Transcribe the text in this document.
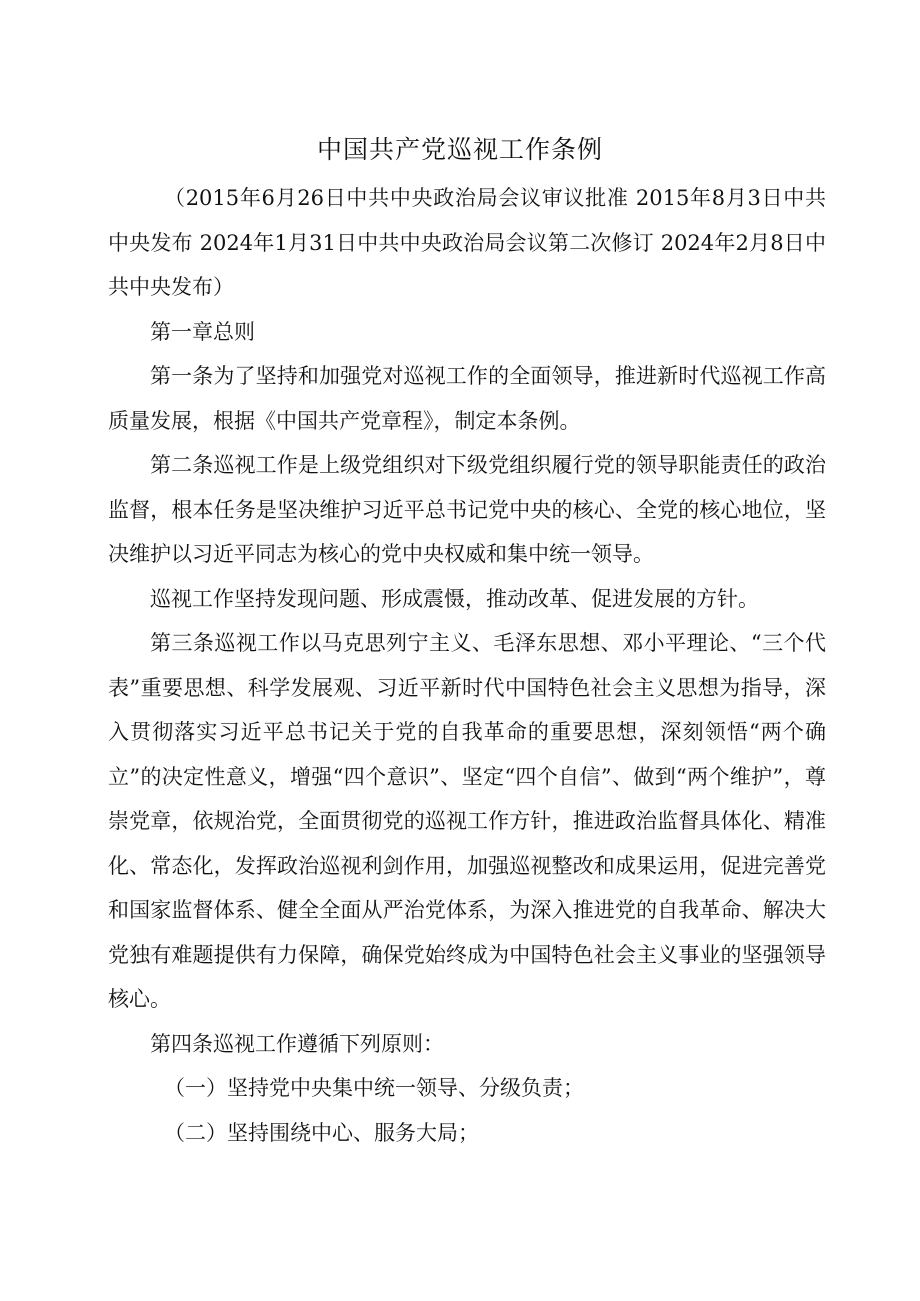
中国共产党巡视工作条例

（2015年6月26日中共中央政治局会议审议批准 2015年8月3日中共中央发布 2024年1月31日中共中央政治局会议第二次修订 2024年2月8日中共中央发布）

第一章总则

第一条为了坚持和加强党对巡视工作的全面领导，推进新时代巡视工作高质量发展，根据《中国共产党章程》，制定本条例。

第二条巡视工作是上级党组织对下级党组织履行党的领导职能责任的政治监督，根本任务是坚决维护习近平总书记党中央的核心、全党的核心地位，坚决维护以习近平同志为核心的党中央权威和集中统一领导。

巡视工作坚持发现问题、形成震慑，推动改革、促进发展的方针。

第三条巡视工作以马克思列宁主义、毛泽东思想、邓小平理论、“三个代表”重要思想、科学发展观、习近平新时代中国特色社会主义思想为指导，深入贯彻落实习近平总书记关于党的自我革命的重要思想，深刻领悟“两个确立”的决定性意义，增强“四个意识”、坚定“四个自信”、做到“两个维护”，尊崇党章，依规治党，全面贯彻党的巡视工作方针，推进政治监督具体化、精准化、常态化，发挥政治巡视利剑作用，加强巡视整改和成果运用，促进完善党和国家监督体系、健全全面从严治党体系，为深入推进党的自我革命、解决大党独有难题提供有力保障，确保党始终成为中国特色社会主义事业的坚强领导核心。

第四条巡视工作遵循下列原则：

（一）坚持党中央集中统一领导、分级负责；

（二）坚持围绕中心、服务大局；
